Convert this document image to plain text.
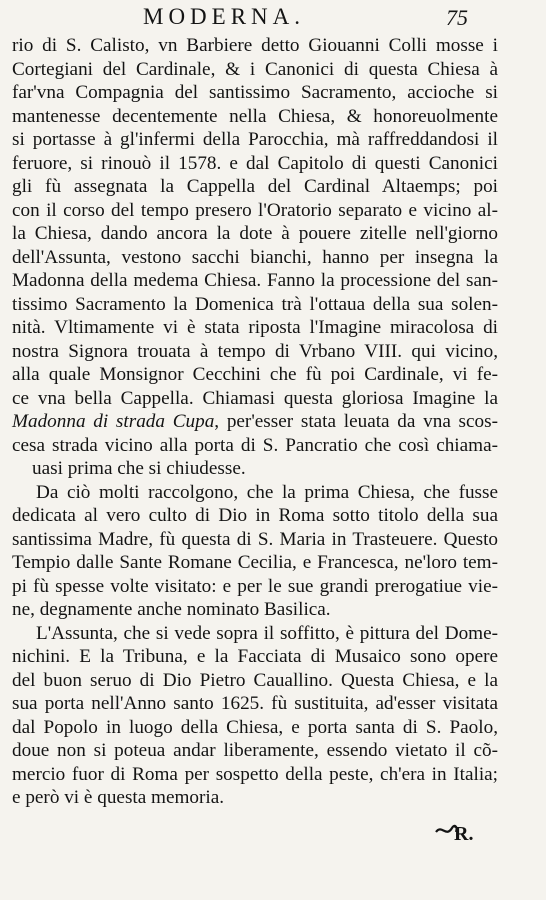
MODERNA.	75
rio di S. Calisto, vn Barbiere detto Giouanni Colli mosse i
Cortegiani del Cardinale, & i Canonici di questa Chiesa à
far'vna Compagnia del santissimo Sacramento, accioche si
mantenesse decentemente nella Chiesa, & honoreuolmente
si portasse à gl'infermi della Parocchia, mà raffreddandosi il
feruore, si rinouò il 1578. e dal Capitolo di questi Canonici
gli fù assegnata la Cappella del Cardinal Altaemps; poi
con il corso del tempo presero l'Oratorio separato e vicino al-
la Chiesa, dando ancora la dote à pouere zitelle nell'giorno
dell'Assunta, vestono sacchi bianchi, hanno per insegna la
Madonna della medema Chiesa. Fanno la processione del san-
tissimo Sacramento la Domenica trà l'ottaua della sua solen-
nità. Vltimamente vi è stata riposta l'Imagine miracolosa di
nostra Signora trouata à tempo di Vrbano VIII. qui vicino,
alla quale Monsignor Cecchini che fù poi Cardinale, vi fe-
ce vna bella Cappella. Chiamasi questa gloriosa Imagine la
Madonna di strada Cupa, per'esser stata leuata da vna scos-
cesa strada vicino alla porta di S. Pancratio che così chiama-
uasi prima che si chiudesse.
Da ciò molti raccolgono, che la prima Chiesa, che fusse
dedicata al vero culto di Dio in Roma sotto titolo della sua
santissima Madre, fù questa di S. Maria in Trasteuere. Questo
Tempio dalle Sante Romane Cecilia, e Francesca, ne'loro tem-
pi fù spesse volte visitato: e per le sue grandi prerogatiue vie-
ne, degnamente anche nominato Basilica.
L'Assunta, che si vede sopra il soffitto, è pittura del Dome-
nichini. E la Tribuna, e la Facciata di Musaico sono opere
del buon seruo di Dio Pietro Cauallino. Questa Chiesa, e la
sua porta nell'Anno santo 1625. fù sustituita, ad'esser visitata
dal Popolo in luogo della Chiesa, e porta santa di S. Paolo,
doue non si poteua andar liberamente, essendo vietato il cõ-
mercio fuor di Roma per sospetto della peste, ch'era in Italia;
e però vi è questa memoria.
R.
